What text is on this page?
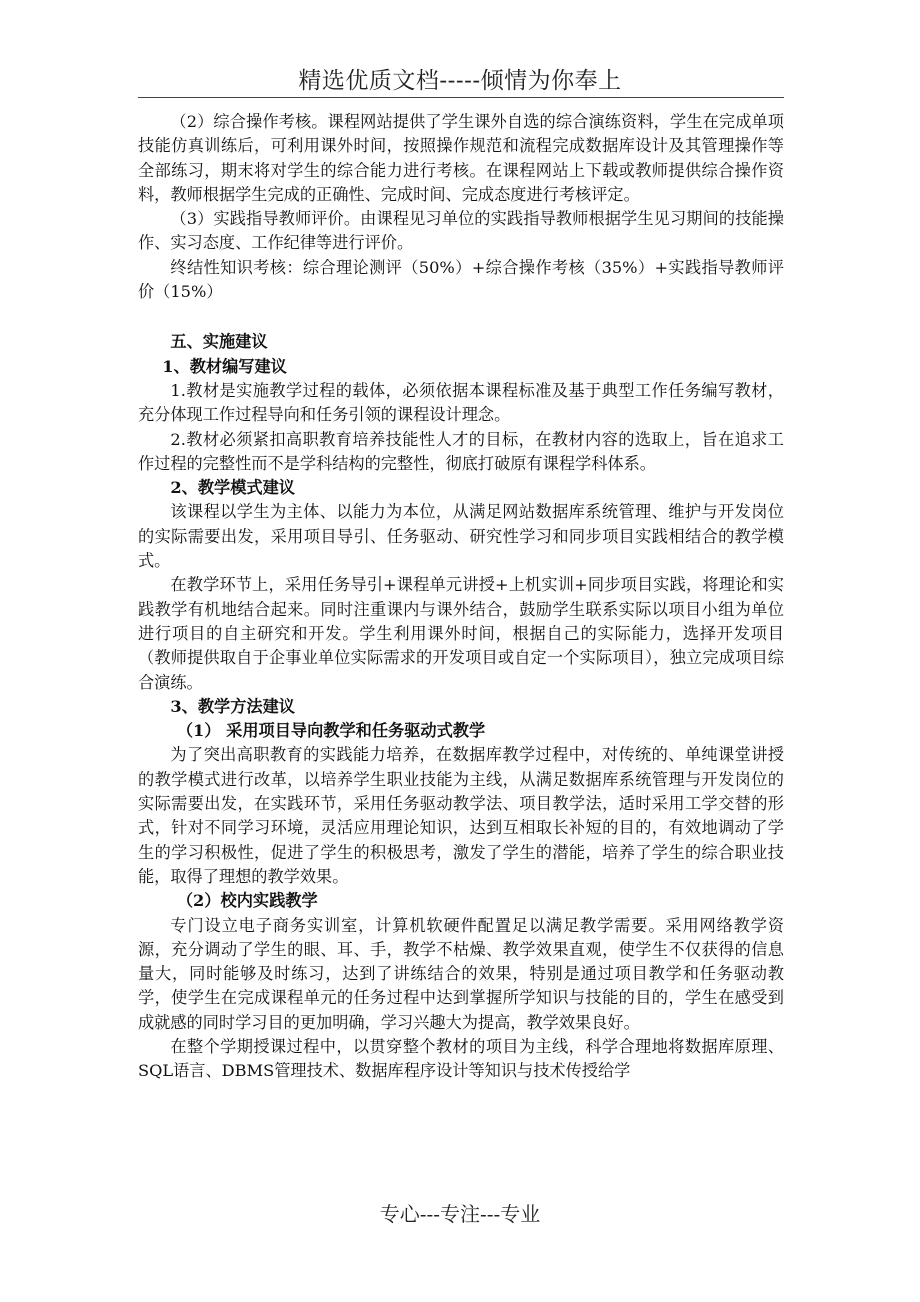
精选优质文档-----倾情为你奉上

（2）综合操作考核。课程网站提供了学生课外自选的综合演练资料，学生在完成单项技能仿真训练后，可利用课外时间，按照操作规范和流程完成数据库设计及其管理操作等全部练习，期末将对学生的综合能力进行考核。在课程网站上下载或教师提供综合操作资料，教师根据学生完成的正确性、完成时间、完成态度进行考核评定。

（3）实践指导教师评价。由课程见习单位的实践指导教师根据学生见习期间的技能操作、实习态度、工作纪律等进行评价。

终结性知识考核：综合理论测评（50%）+综合操作考核（35%）+实践指导教师评价（15%）

五、实施建议
1、教材编写建议

1.教材是实施教学过程的载体，必须依据本课程标准及基于典型工作任务编写教材，充分体现工作过程导向和任务引领的课程设计理念。

2.教材必须紧扣高职教育培养技能性人才的目标，在教材内容的选取上，旨在追求工作过程的完整性而不是学科结构的完整性，彻底打破原有课程学科体系。

2、教学模式建议

该课程以学生为主体、以能力为本位，从满足网站数据库系统管理、维护与开发岗位的实际需要出发，采用项目导引、任务驱动、研究性学习和同步项目实践相结合的教学模式。

在教学环节上，采用任务导引+课程单元讲授+上机实训+同步项目实践，将理论和实践教学有机地结合起来。同时注重课内与课外结合，鼓励学生联系实际以项目小组为单位进行项目的自主研究和开发。学生利用课外时间，根据自己的实际能力，选择开发项目（教师提供取自于企事业单位实际需求的开发项目或自定一个实际项目），独立完成项目综合演练。

3、教学方法建议
（1） 采用项目导向教学和任务驱动式教学

为了突出高职教育的实践能力培养，在数据库教学过程中，对传统的、单纯课堂讲授的教学模式进行改革，以培养学生职业技能为主线，从满足数据库系统管理与开发岗位的实际需要出发，在实践环节，采用任务驱动教学法、项目教学法，适时采用工学交替的形式，针对不同学习环境，灵活应用理论知识，达到互相取长补短的目的，有效地调动了学生的学习积极性，促进了学生的积极思考，激发了学生的潜能，培养了学生的综合职业技能，取得了理想的教学效果。

（2）校内实践教学

专门设立电子商务实训室，计算机软硬件配置足以满足教学需要。采用网络教学资源，充分调动了学生的眼、耳、手，教学不枯燥、教学效果直观，使学生不仅获得的信息量大，同时能够及时练习，达到了讲练结合的效果，特别是通过项目教学和任务驱动教学，使学生在完成课程单元的任务过程中达到掌握所学知识与技能的目的，学生在感受到成就感的同时学习目的更加明确，学习兴趣大为提高，教学效果良好。

在整个学期授课过程中，以贯穿整个教材的项目为主线，科学合理地将数据库原理、SQL语言、DBMS管理技术、数据库程序设计等知识与技术传授给学

专心---专注---专业
